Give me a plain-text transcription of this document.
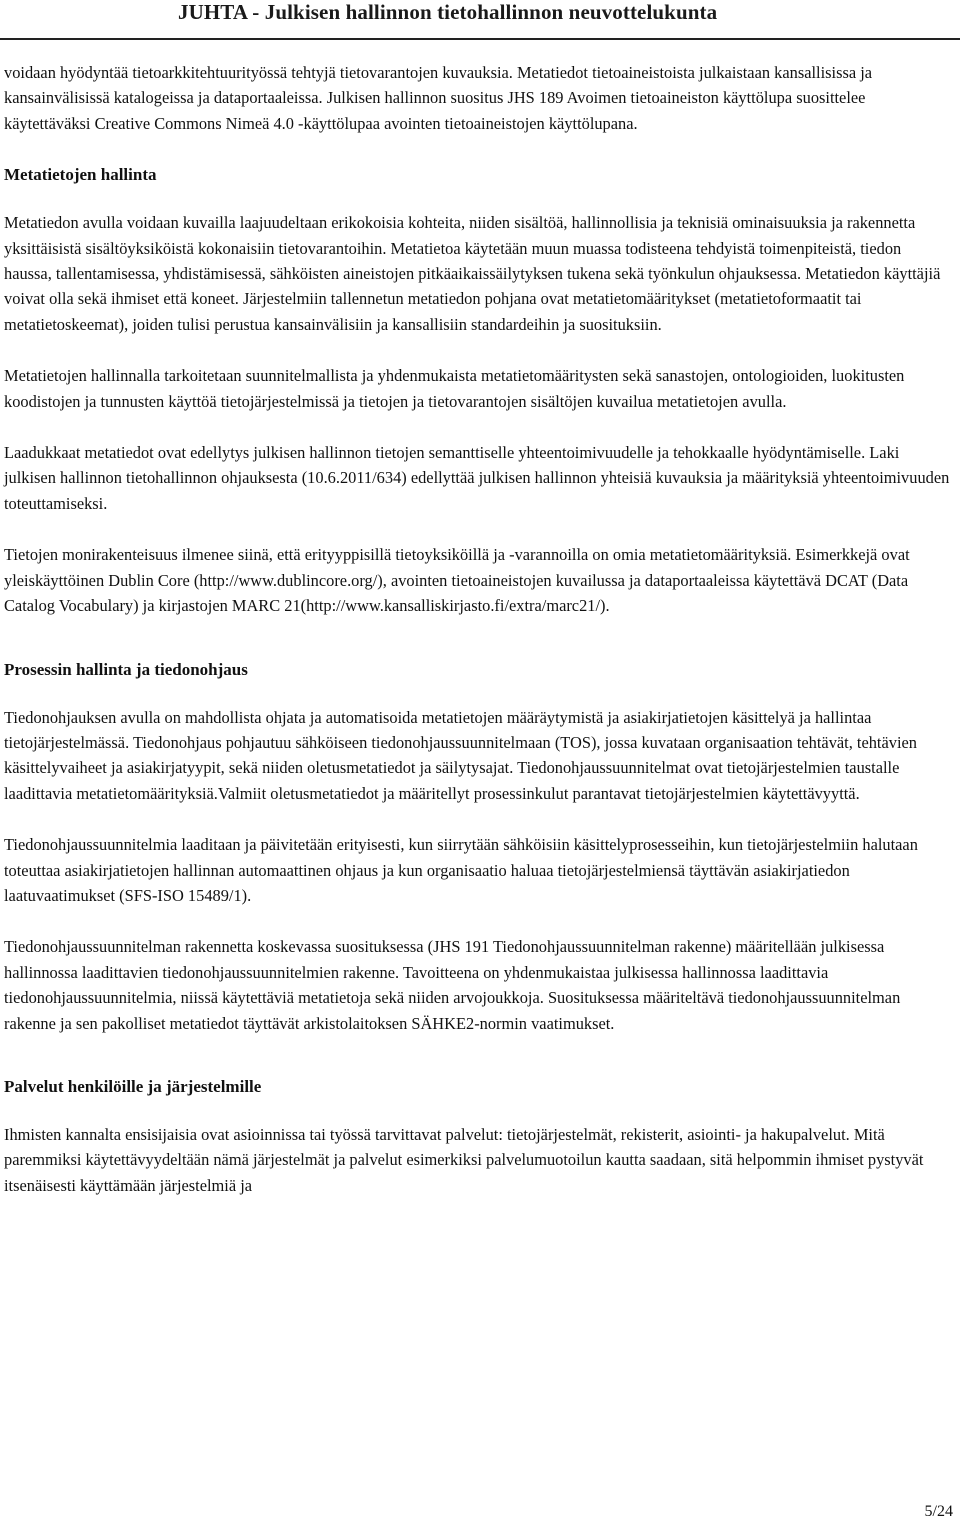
JUHTA - Julkisen hallinnon tietohallinnon neuvottelukunta

voidaan hyödyntää tietoarkkitehtuurityössä tehtyjä tietovarantojen kuvauksia. Metatiedot tietoaineistoista julkaistaan kansallisissa ja kansainvälisissä katalogeissa ja dataportaaleissa. Julkisen hallinnon suositus JHS 189 Avoimen tietoaineiston käyttölupa suosittelee käytettäväksi Creative Commons Nimeä 4.0 -käyttölupaa avointen tietoaineistojen käyttölupana.

Metatietojen hallinta

Metatiedon avulla voidaan kuvailla laajuudeltaan erikokoisia kohteita, niiden sisältöä, hallinnollisia ja teknisiä ominaisuuksia ja rakennetta yksittäisistä sisältöyksiköistä kokonaisiin tietovarantoihin. Metatietoa käytetään muun muassa todisteena tehdyistä toimenpiteistä, tiedon haussa, tallentamisessa, yhdistämisessä, sähköisten aineistojen pitkäaikaissäilytyksen tukena sekä työnkulun ohjauksessa. Metatiedon käyttäjiä voivat olla sekä ihmiset että koneet. Järjestelmiin tallennetun metatiedon pohjana ovat metatietomääritykset (metatietoformaatit tai metatietoskeemat), joiden tulisi perustua kansainvälisiin ja kansallisiin standardeihin ja suosituksiin.

Metatietojen hallinnalla tarkoitetaan suunnitelmallista ja yhdenmukaista metatietomääritysten sekä sanastojen, ontologioiden, luokitusten koodistojen ja tunnusten käyttöä tietojärjestelmissä ja tietojen ja tietovarantojen sisältöjen kuvailua metatietojen avulla.

Laadukkaat metatiedot ovat edellytys julkisen hallinnon tietojen semanttiselle yhteentoimivuudelle ja tehokkaalle hyödyntämiselle. Laki julkisen hallinnon tietohallinnon ohjauksesta (10.6.2011/634) edellyttää julkisen hallinnon yhteisiä kuvauksia ja määrityksiä yhteentoimivuuden toteuttamiseksi.

Tietojen monirakenteisuus ilmenee siinä, että erityyppisillä tietoyksiköillä ja -varannoilla on omia metatietomäärityksiä. Esimerkkejä ovat yleiskäyttöinen Dublin Core (http://www.dublincore.org/), avointen tietoaineistojen kuvailussa ja dataportaaleissa käytettävä DCAT (Data Catalog Vocabulary) ja kirjastojen MARC 21(http://www.kansalliskirjasto.fi/extra/marc21/).

Prosessin hallinta ja tiedonohjaus

Tiedonohjauksen avulla on mahdollista ohjata ja automatisoida metatietojen määräytymistä ja asiakirjatietojen käsittelyä ja hallintaa tietojärjestelmässä. Tiedonohjaus pohjautuu sähköiseen tiedonohjaussuunnitelmaan (TOS), jossa kuvataan organisaation tehtävät, tehtävien käsittelyvaiheet ja asiakirjatyypit, sekä niiden oletusmetatiedot ja säilytysajat. Tiedonohjaussuunnitelmat ovat tietojärjestelmien taustalle laadittavia metatietomäärityksiä.Valmiit oletusmetatiedot ja määritellyt prosessinkulut parantavat tietojärjestelmien käytettävyyttä.

Tiedonohjaussuunnitelmia laaditaan ja päivitetään erityisesti, kun siirrytään sähköisiin käsittelyprosesseihin, kun tietojärjestelmiin halutaan toteuttaa asiakirjatietojen hallinnan automaattinen ohjaus ja kun organisaatio haluaa tietojärjestelmiensä täyttävän asiakirjatiedon laatuvaatimukset (SFS-ISO 15489/1).

Tiedonohjaussuunnitelman rakennetta koskevassa suosituksessa (JHS 191 Tiedonohjaussuunnitelman rakenne) määritellään julkisessa hallinnossa laadittavien tiedonohjaussuunnitelmien rakenne. Tavoitteena on yhdenmukaistaa julkisessa hallinnossa laadittavia tiedonohjaussuunnitelmia, niissä käytettäviä metatietoja sekä niiden arvojoukkoja. Suosituksessa määriteltävä tiedonohjaussuunnitelman rakenne ja sen pakolliset metatiedot täyttävät arkistolaitoksen SÄHKE2-normin vaatimukset.

Palvelut henkilöille ja järjestelmille

Ihmisten kannalta ensisijaisia ovat asioinnissa tai työssä tarvittavat palvelut: tietojärjestelmät, rekisterit, asiointi- ja hakupalvelut. Mitä paremmiksi käytettävyydeltään nämä järjestelmät ja palvelut esimerkiksi palvelumuotoilun kautta saadaan, sitä helpommin ihmiset pystyvät itsenäisesti käyttämään järjestelmiä ja

5/24
